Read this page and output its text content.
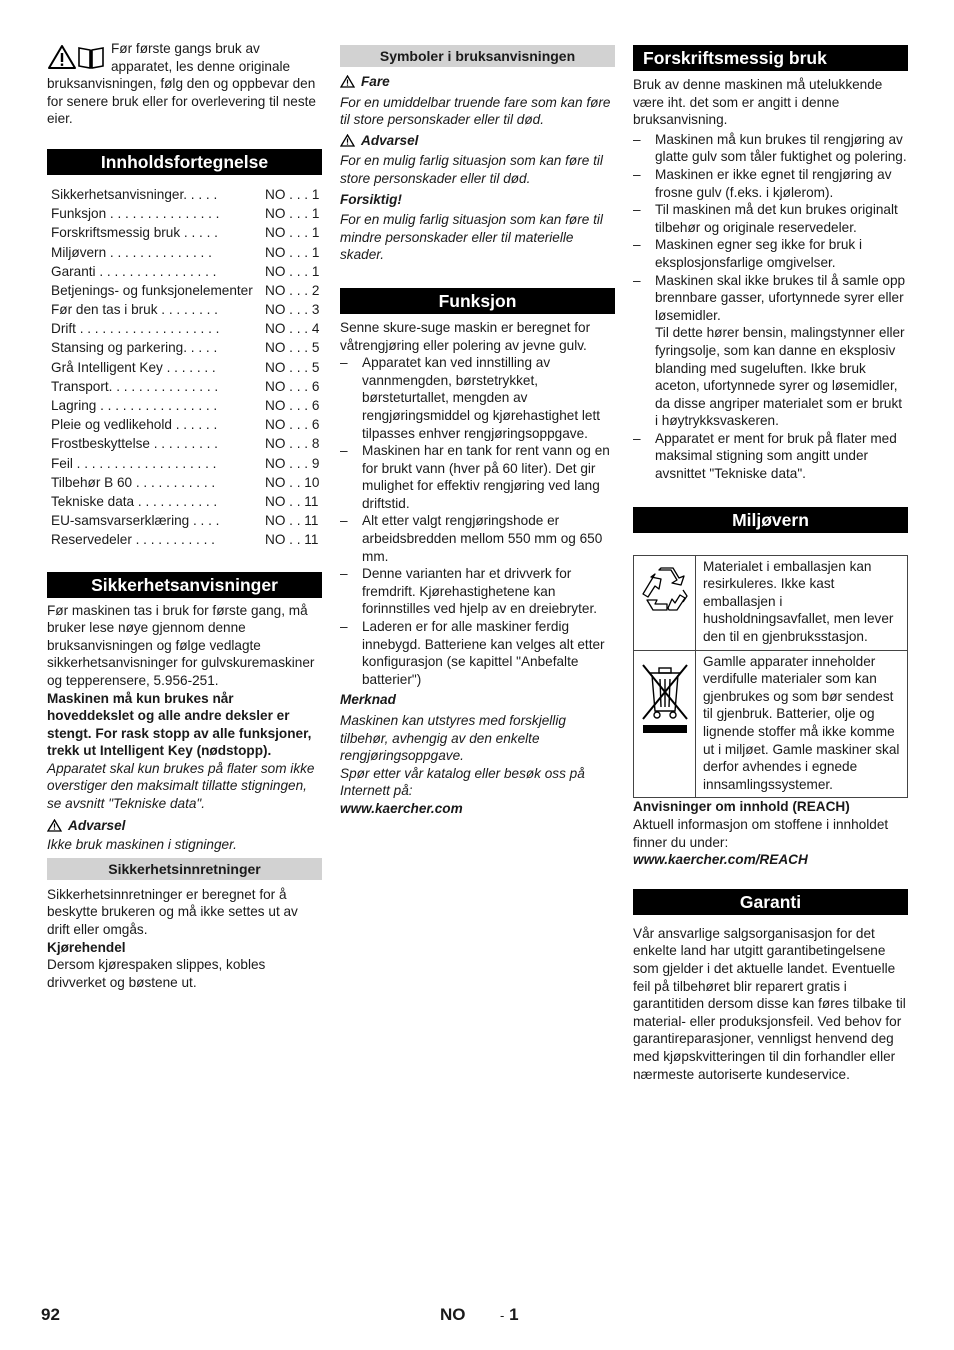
Før første gangs bruk av apparatet, les denne originale bruksanvisningen, følg den og oppbevar den for senere bruk eller for overlevering til neste eier.

Innholdsfortegnelse
Sikkerhetsanvisninger. . . . .	NO . . . 1
Funksjon . . . . . . . . . . . . . . .	NO . . . 1
Forskriftsmessig bruk . . . . .	NO . . . 1
Miljøvern . . . . . . . . . . . . . .	NO . . . 1
Garanti . . . . . . . . . . . . . . . .	NO . . . 1
Betjenings- og funksjonelementer NO . . . 2
Før den tas i bruk . . . . . . . .	NO . . . 3
Drift . . . . . . . . . . . . . . . . . . .	NO . . . 4
Stansing og parkering. . . . .	NO . . . 5
Grå Intelligent Key . . . . . . .	NO . . . 5
Transport. . . . . . . . . . . . . . .	NO . . . 6
Lagring . . . . . . . . . . . . . . . .	NO . . . 6
Pleie og vedlikehold . . . . . .	NO . . . 6
Frostbeskyttelse . . . . . . . . .	NO . . . 8
Feil . . . . . . . . . . . . . . . . . . .	NO . . . 9
Tilbehør B 60 . . . . . . . . . . .	NO . . 10
Tekniske data . . . . . . . . . . .	NO . . 11
EU-samsvarserklæring . . . .	NO . . 11
Reservedeler . . . . . . . . . . .	NO . . 11
Sikkerhetsanvisninger

Før maskinen tas i bruk for første gang, må bruker lese nøye gjennom denne bruksanvisningen og følge vedlagte sikkerhetsanvisninger for gulvskuremaskiner og tepperensere, 5.956-251.

Maskinen må kun brukes når hoveddekslet og alle andre deksler er stengt. For rask stopp av alle funksjoner, trekk ut Intelligent Key (nødstopp).

Apparatet skal kun brukes på flater som ikke overstiger den maksimalt tillatte stigningen, se avsnitt "Tekniske data".

Advarsel

Ikke bruk maskinen i stigninger.

Sikkerhetsinnretninger

Sikkerhetsinnretninger er beregnet for å beskytte brukeren og må ikke settes ut av drift eller omgås.

Kjørehendel

Dersom kjørespaken slippes, kobles drivverket og bøstene ut.

Symboler i bruksanvisningen
Fare

For en umiddelbar truende fare som kan føre til store personskader eller til død.

Advarsel

For en mulig farlig situasjon som kan føre til store personskader eller til død.

Forsiktig!

For en mulig farlig situasjon som kan føre til mindre personskader eller til materielle skader.

Funksjon

Senne skure-suge maskin er beregnet for våtrengjøring eller polering av jevne gulv.

– Apparatet kan ved innstilling av vannmengden, børstetrykket, børsteturtallet, mengden av rengjøringsmiddel og kjørehastighet lett tilpasses enhver rengjøringsoppgave.
– Maskinen har en tank for rent vann og en for brukt vann (hver på 60 liter). Det gir mulighet for effektiv rengjøring ved lang driftstid.
– Alt etter valgt rengjøringshode er arbeidsbredden mellom 550 mm og 650 mm.
– Denne varianten har et drivverk for fremdrift. Kjørehastighetene kan forinnstilles ved hjelp av en dreiebryter.
– Laderen er for alle maskiner ferdig innebygd. Batteriene kan velges alt etter konfigurasjon (se kapittel "Anbefalte batterier")

Merknad

Maskinen kan utstyres med forskjellig tilbehør, avhengig av den enkelte rengjøringsoppgave.

Spør etter vår katalog eller besøk oss på Internett på:

www.kaercher.com

Forskriftsmessig bruk

Bruk av denne maskinen må utelukkende være iht. det som er angitt i denne bruksanvisning.

– Maskinen må kun brukes til rengjøring av glatte gulv som tåler fuktighet og polering.
– Maskinen er ikke egnet til rengjøring av frosne gulv (f.eks. i kjølerom).
– Til maskinen må det kun brukes originalt tilbehør og originale reservedeler.
– Maskinen egner seg ikke for bruk i eksplosjonsfarlige omgivelser.
– Maskinen skal ikke brukes til å samle opp brennbare gasser, ufortynnede syrer eller løsemidler.

Til dette hører bensin, malingstynner eller fyringsolje, som kan danne en eksplosiv blanding med sugeluften. Ikke bruk aceton, ufortynnede syrer og løsemidler, da disse angriper materialet som er brukt i høytrykksvaskeren.

– Apparatet er ment for bruk på flater med maksimal stigning som angitt under avsnittet "Tekniske data".
Miljøvern
Materialet i emballasjen kan resirkuleres. Ikke kast emballasjen i husholdningsavfallet, men lever den til en gjenbruksstasjon.
Gamlle apparater inneholder verdifulle materialer som kan gjenbrukes og som bør sendest til gjenbruk. Batterier, olje og lignende stoffer må ikke komme ut i miljøet. Gamle maskiner skal derfor avhendes i egnede innsamlingssystemer.

Anvisninger om innhold (REACH)

Aktuell informasjon om stoffene i innholdet finner du under:

www.kaercher.com/REACH

Garanti

Vår ansvarlige salgsorganisasjon for det enkelte land har utgitt garantibetingelsene som gjelder i det aktuelle landet. Eventuelle feil på tilbehøret blir reparert gratis i garantitiden dersom disse kan føres tilbake til material- eller produksjonsfeil. Ved behov for garantireparasjoner, vennligst henvend deg med kjøpskvitteringen til din forhandler eller nærmeste autoriserte kundeservice.

92	NO	- 1
